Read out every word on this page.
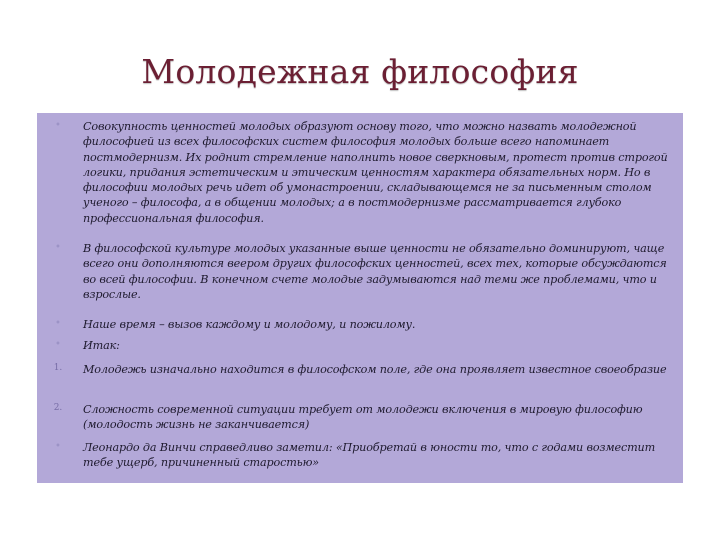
Молодежная философия
•	Совокупность ценностей молодых образуют основу того, что можно назвать молодежной философией из всех философских систем философия молодых больше всего напоминает постмодернизм. Их роднит стремление наполнить новое сверкновым, протест против строгой логики, придания эстетическим и этическим ценностям характера обязательных норм. Но в философии молодых речь идет об умонастроении, складывающемся не за письменным столом ученого – философа, а в общении молодых; а в постмодернизме рассматривается глубоко профессиональная философия.
•	В философской культуре молодых указанные выше ценности не обязательно доминируют, чаще всего они дополняются веером других философских ценностей, всех тех, которые обсуждаются во всей философии. В конечном счете молодые задумываются над теми же проблемами, что и взрослые.
•	Наше время – вызов каждому и молодому, и пожилому.
•	Итак:
1.	Молодежь изначально находится в философском поле, где она проявляет известное своеобразие
2.	Сложность современной ситуации требует от молодежи включения в мировую философию (молодость жизнь не заканчивается)
•	Леонардо да Винчи справедливо заметил: «Приобретай в юности то, что с годами возместит тебе ущерб, причиненный старостью»
